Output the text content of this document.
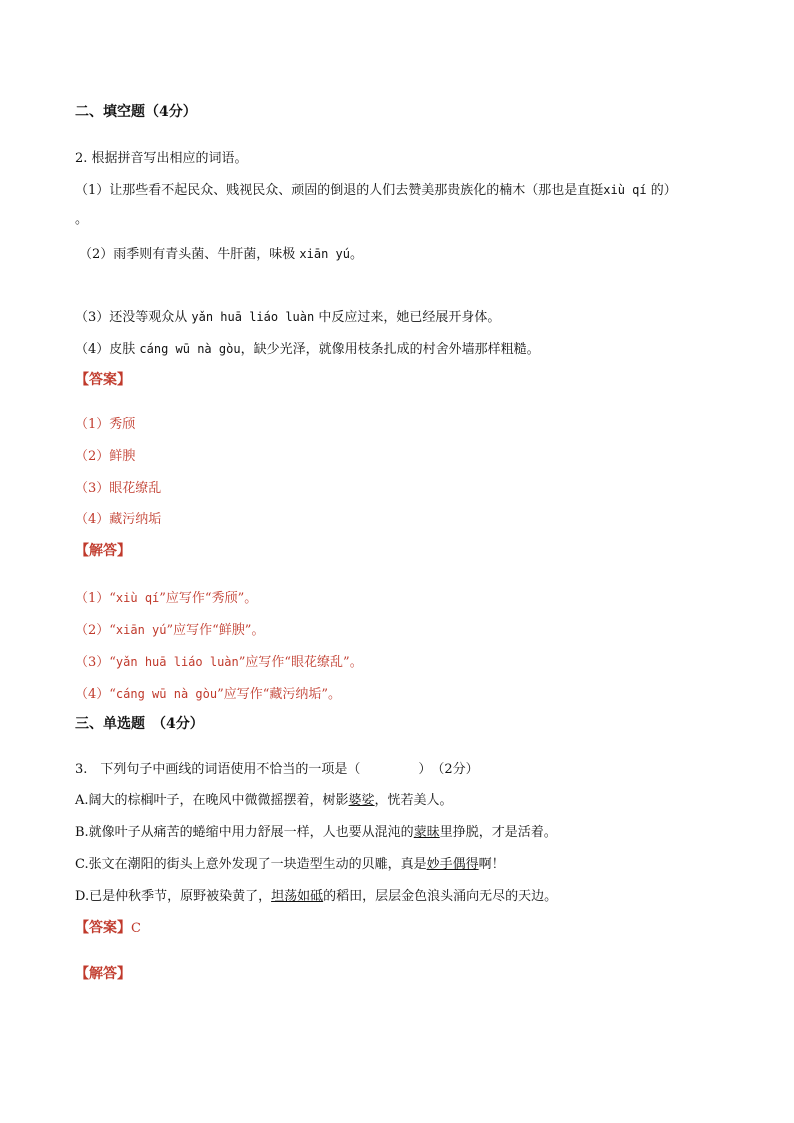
二、填空题（4分）
2. 根据拼音写出相应的词语。
（1）让那些看不起民众、贱视民众、顽固的倒退的人们去赞美那贵族化的楠木（那也是直挺xiù qí 的）
。
（2）雨季则有青头菌、牛肝菌，味极 xiān yú。
（3）还没等观众从 yǎn huā liáo luàn 中反应过来，她已经展开身体。
（4）皮肤 cáng wū nà gòu，缺少光泽，就像用枝条扎成的村舍外墙那样粗糙。
【答案】
（1）秀颀
（2）鲜腴
（3）眼花缭乱
（4）藏污纳垢
【解答】
（1）“xiù qí”应写作“秀颀”。
（2）“xiān yú”应写作“鲜腴”。
（3）“yǎn huā liáo luàn”应写作“眼花缭乱”。
（4）“cáng wū nà gòu”应写作“藏污纳垢”。
三、单选题　（4分）
3.　下列句子中画线的词语使用不恰当的一项是（	）　（2分）
A.阔大的棕榈叶子，在晚风中微微摇摆着，树影婆娑，恍若美人。
B.就像叶子从痛苦的蜷缩中用力舒展一样，人也要从混沌的蒙昧里挣脱，才是活着。
C.张文在潮阳的街头上意外发现了一块造型生动的贝雕，真是妙手偶得啊！
D.已是仲秋季节，原野被染黄了，坦荡如砥的稻田，层层金色浪头涌向无尽的天边。
【答案】C
【解答】
